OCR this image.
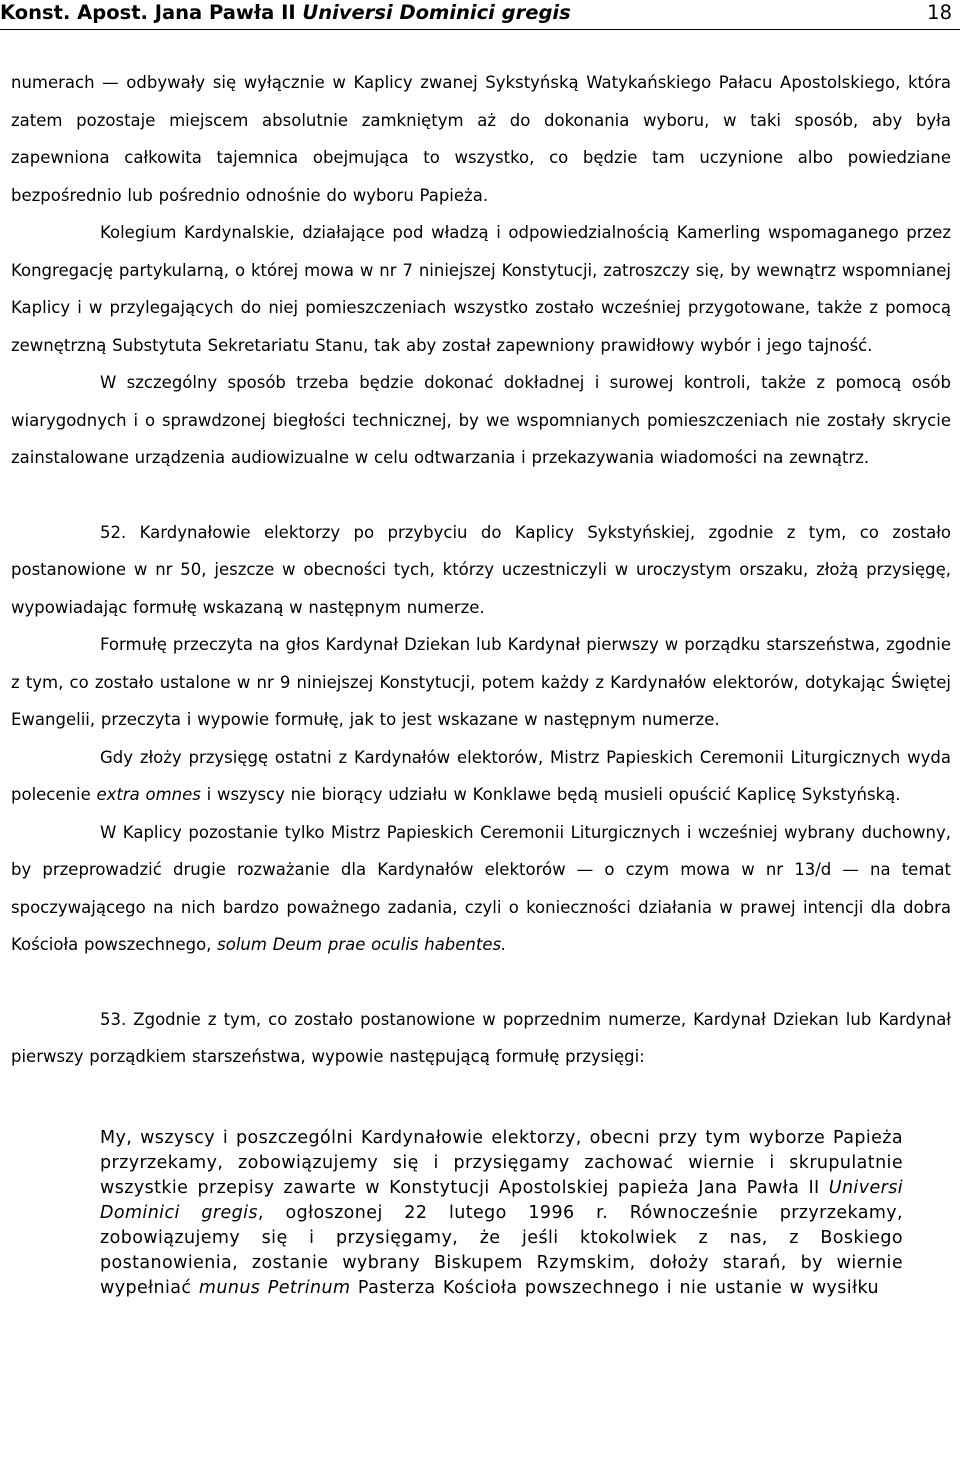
Konst. Apost. Jana Pawła II Universi Dominici gregis	18

numerach — odbywały się wyłącznie w Kaplicy zwanej Sykstyńską Watykańskiego Pałacu Apostolskiego, która zatem pozostaje miejscem absolutnie zamkniętym aż do dokonania wyboru, w taki sposób, aby była zapewniona całkowita tajemnica obejmująca to wszystko, co będzie tam uczynione albo powiedziane bezpośrednio lub pośrednio odnośnie do wyboru Papieża.

Kolegium Kardynalskie, działające pod władzą i odpowiedzialnością Kamerling wspomaganego przez Kongregację partykularną, o której mowa w nr 7 niniejszej Konstytucji, zatroszczy się, by wewnątrz wspomnianej Kaplicy i w przylegających do niej pomieszczeniach wszystko zostało wcześniej przygotowane, także z pomocą zewnętrzną Substytuta Sekretariatu Stanu, tak aby został zapewniony prawidłowy wybór i jego tajność.

W szczególny sposób trzeba będzie dokonać dokładnej i surowej kontroli, także z pomocą osób wiarygodnych i o sprawdzonej biegłości technicznej, by we wspomnianych pomieszczeniach nie zostały skrycie zainstalowane urządzenia audiowizualne w celu odtwarzania i przekazywania wiadomości na zewnątrz.

52. Kardynałowie elektorzy po przybyciu do Kaplicy Sykstyńskiej, zgodnie z tym, co zostało postanowione w nr 50, jeszcze w obecności tych, którzy uczestniczyli w uroczystym orszaku, złożą przysięgę, wypowiadając formułę wskazaną w następnym numerze.

Formułę przeczyta na głos Kardynał Dziekan lub Kardynał pierwszy w porządku starszeństwa, zgodnie z tym, co zostało ustalone w nr 9 niniejszej Konstytucji, potem każdy z Kardynałów elektorów, dotykając Świętej Ewangelii, przeczyta i wypowie formułę, jak to jest wskazane w następnym numerze.

Gdy złoży przysięgę ostatni z Kardynałów elektorów, Mistrz Papieskich Ceremonii Liturgicznych wyda polecenie extra omnes i wszyscy nie biorący udziału w Konklawe będą musieli opuścić Kaplicę Sykstyńską.

W Kaplicy pozostanie tylko Mistrz Papieskich Ceremonii Liturgicznych i wcześniej wybrany duchowny, by przeprowadzić drugie rozważanie dla Kardynałów elektorów — o czym mowa w nr 13/d — na temat spoczywającego na nich bardzo poważnego zadania, czyli o konieczności działania w prawej intencji dla dobra Kościoła powszechnego, solum Deum prae oculis habentes.

53. Zgodnie z tym, co zostało postanowione w poprzednim numerze, Kardynał Dziekan lub Kardynał pierwszy porządkiem starszeństwa, wypowie następującą formułę przysięgi:

My, wszyscy i poszczególni Kardynałowie elektorzy, obecni przy tym wyborze Papieża przyrzekamy, zobowiązujemy się i przysięgamy zachować wiernie i skrupulatnie wszystkie przepisy zawarte w Konstytucji Apostolskiej papieża Jana Pawła II Universi Dominici gregis, ogłoszonej 22 lutego 1996 r. Równocześnie przyrzekamy, zobowiązujemy się i przysięgamy, że jeśli ktokolwiek z nas, z Boskiego postanowienia, zostanie wybrany Biskupem Rzymskim, dołoży starań, by wiernie wypełniać munus Petrinum Pasterza Kościoła powszechnego i nie ustanie w wysiłku
